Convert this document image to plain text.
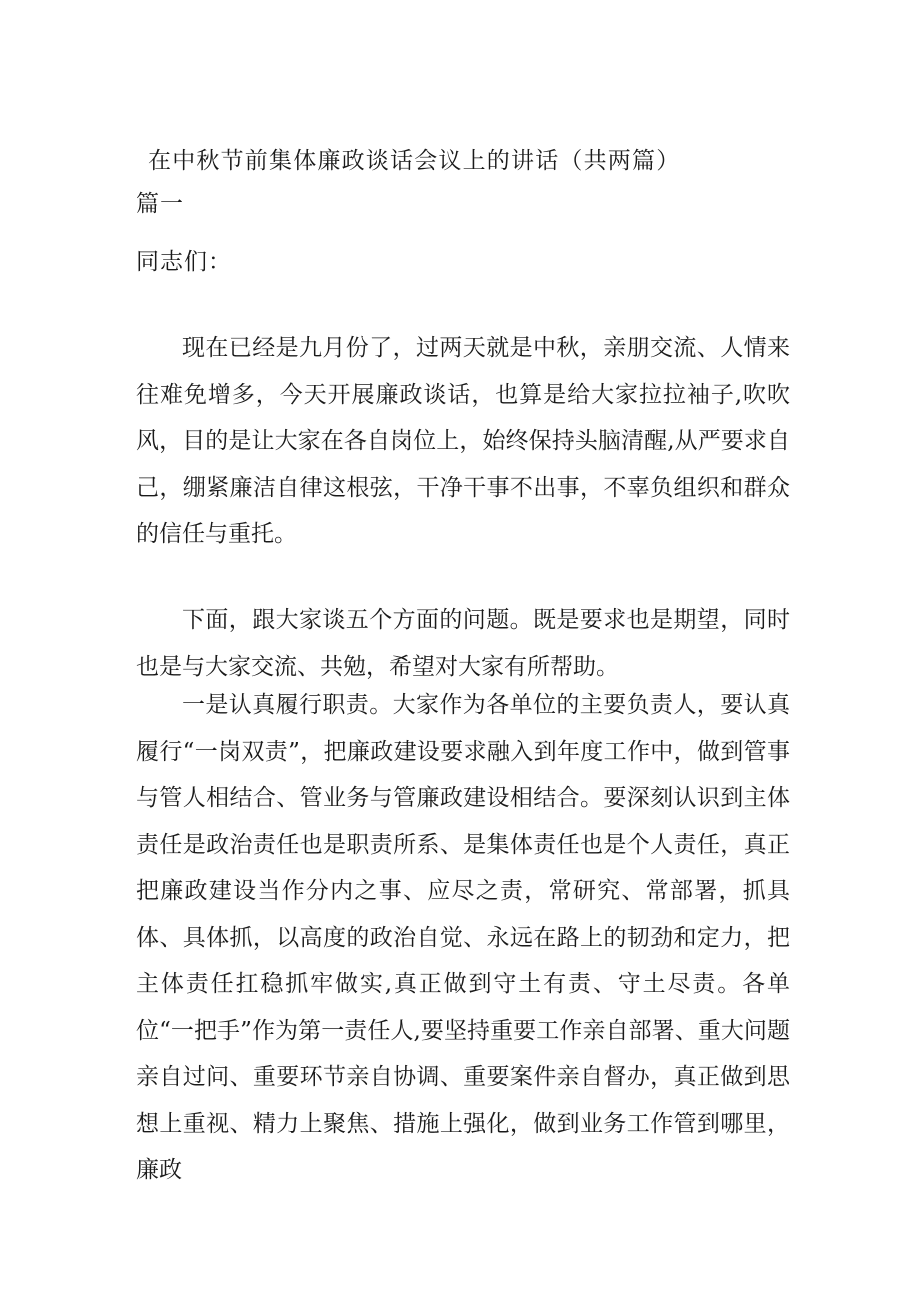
在中秋节前集体廉政谈话会议上的讲话（共两篇）
篇一
同志们：

现在已经是九月份了，过两天就是中秋，亲朋交流、人情来往难免增多，今天开展廉政谈话，也算是给大家拉拉袖子,吹吹风，目的是让大家在各自岗位上，始终保持头脑清醒,从严要求自己，绷紧廉洁自律这根弦，干净干事不出事，不辜负组织和群众的信任与重托。

下面，跟大家谈五个方面的问题。既是要求也是期望，同时也是与大家交流、共勉，希望对大家有所帮助。

一是认真履行职责。大家作为各单位的主要负责人，要认真履行“一岗双责”，把廉政建设要求融入到年度工作中，做到管事与管人相结合、管业务与管廉政建设相结合。要深刻认识到主体责任是政治责任也是职责所系、是集体责任也是个人责任，真正把廉政建设当作分内之事、应尽之责，常研究、常部署，抓具体、具体抓，以高度的政治自觉、永远在路上的韧劲和定力，把主体责任扛稳抓牢做实,真正做到守土有责、守土尽责。各单位“一把手”作为第一责任人,要坚持重要工作亲自部署、重大问题亲自过问、重要环节亲自协调、重要案件亲自督办，真正做到思想上重视、精力上聚焦、措施上强化，做到业务工作管到哪里，廉政
